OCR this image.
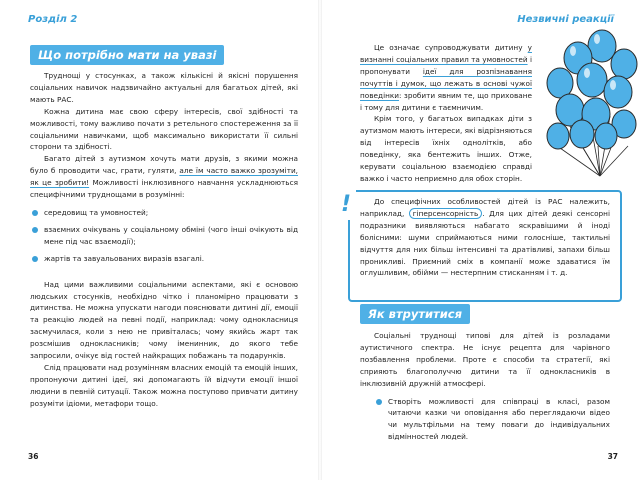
Розділ 2
Що потрібно мати на увазі

Труднощі у стосунках, а також кількісні й якісні порушення соціальних навичок надзвичайно актуальні для багатьох дітей, які мають РАС.

Кожна дитина має свою сферу інтересів, свої здібності та можливості, тому важливо почати з ретельного спостереження за її соціальними навичками, щоб максимально використати її сильні сторони та здібності.

Багато дітей з аутизмом хочуть мати друзів, з якими можна було б проводити час, грати, гуляти, але їм часто важко зрозуміти, як це зробити! Можливості інклюзивного навчання ускладнюються специфічними труднощами в розумінні:

середовищ та умовностей;
взаємних очікувань у соціальному обміні (чого інші очікують від мене під час взаємодії);
жартів та завуальованих виразів взагалі.

Над цими важливими соціальними аспектами, які є основою людських стосунків, необхідно чітко і планомірно працювати з дитинства. Не можна упускати нагоди пояснювати дитині дії, емоції та реакцію людей на певні події, наприклад: чому однокласниця засмучилася, коли з нею не привіталась; чому якийсь жарт так розсмішив однокласників; чому іменинник, до якого тебе запросили, очікує від гостей найкращих побажань та подарунків.

Слід працювати над розумінням власних емоцій та емоцій інших, пропонуючи дитині ідеї, які допомагають їй відчути емоції іншої людини в певній ситуації. Також можна поступово привчати дитину розуміти ідіоми, метафори тощо.

36
Незвичні реакції

Це означає супроводжувати дитину у визнанні соціальних правил та умовностей і пропонувати ідеї для розпізнавання почуттів і думок, що лежать в основі чужої поведінки: зробити явним те, що приховане і тому для дитини є таємничим.

Крім того, у багатьох випадках діти з аутизмом мають інтереси, які відрізняються від інтересів їхніх однолітків, або поведінку, яка бентежить інших. Отже, керувати соціальною взаємодією справді важко і часто неприємно для обох сторін.

!	До специфічних особливостей дітей із РАС належить, наприклад, гіперсенсорність . Для цих дітей деякі сенсорні подразники виявляються набагато яскравішими й іноді болісними: шуми сприймаються ними голосніше, тактильні відчуття для них більш інтенсивні та дратівливі, запахи більш проникливі. Приємний сміх в компанії може здаватися їм оглушливим, обійми — нестерпним стисканням і т. д.

Як втрутитися

Соціальні труднощі типові для дітей із розладами аутистичного спектра. Не існує рецепта для чарівного позбавлення проблеми. Проте є способи та стратегії, які сприяють благополуччю дитини та її однокласників в інклюзивній дружній атмосфері.

Створіть можливості для співпраці в класі, разом читаючи казки чи оповідання або переглядаючи відео чи мультфільми на тему поваги до індивідуальних відмінностей людей.
37
